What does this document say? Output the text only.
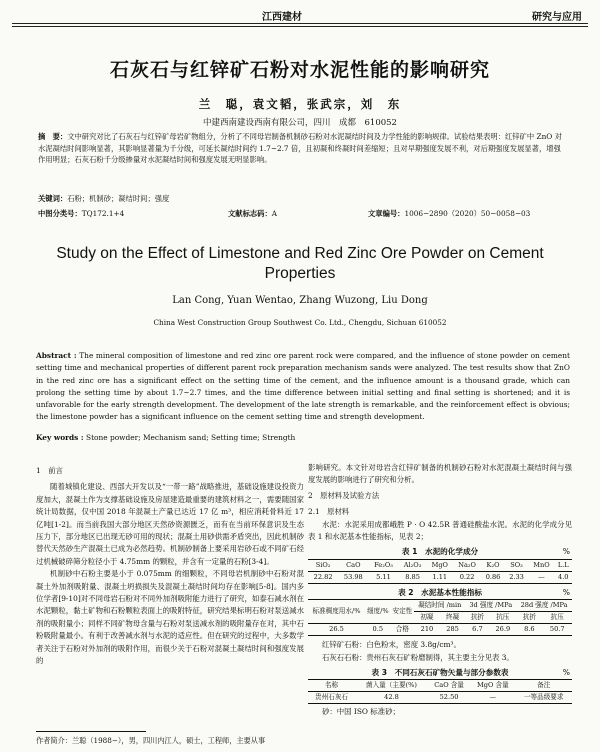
江西建材	研究与应用
石灰石与红锌矿石粉对水泥性能的影响研究
兰　聪，袁文韬，张武宗，刘　东
中建西南建设西南有限公司，四川　成都　610052
摘　要：文中研究对比了石灰石与红锌矿母岩矿物组分，分析了不同母岩制备机制砂石粉对水泥凝结时间及力学性能的影响规律。试验结果表明：红锌矿中 ZnO 对水泥凝结时间影响显著，其影响显著量为千分级，可延长凝结时间约 1.7~2.7 倍，且初凝和终凝时间差缩短；且对早期强度发展不利，对后期强度发展显著，增强作用明显；石灰石粉千分级掺量对水泥凝结时间和强度发展无明显影响。
关键词：石粉；机制砂；凝结时间；强度
中图分类号： TQ172.1+4	文献标志码： A	文章编号： 1006−2890（2020）50−0058−03
Study on the Effect of Limestone and Red Zinc Ore Powder on Cement Properties
Lan Cong, Yuan Wentao, Zhang Wuzong, Liu Dong
China West Construction Group Southwest Co. Ltd., Chengdu, Sichuan 610052
Abstract : The mineral composition of limestone and red zinc ore parent rock were compared, and the influence of stone powder on cement setting time and mechanical properties of different parent rock preparation mechanism sands were analyzed. The test results show that ZnO in the red zinc ore has a significant effect on the setting time of the cement, and the influence amount is a thousand grade, which can prolong the setting time by about 1.7~2.7 times, and the time difference between initial setting and final setting is shortened; and it is unfavorable for the early strength development. The development of the late strength is remarkable, and the reinforcement effect is obvious; the limestone powder has a significant influence on the cement setting time and strength development.
Key words : Stone powder; Mechanism sand; Setting time; Strength
1　前言

随着城镇化建设、西部大开发以及“一带一路”战略推进，基础设施建设投资力度加大，混凝土作为支撑基础设施及房屋建造最重要的建筑材料之一，需要随国家统计局数据，仅中国 2018 年混凝土产量已达近 17 亿 m³，相应消耗骨料近 17 亿吨[1-2]。而当前我国大部分地区天然砂资源匮乏，而有在当前环保意识及生态压力下，部分地区已出现无砂可用的现状；混凝土用砂供需矛盾突出，因此机制砂替代天然砂生产混凝土已成为必然趋势。机制砂制备上要采用岩砂石或不同矿石经过机械破碎筛分粒径小于 4.75mm 的颗粒，并含有一定量的石粉[3-4]。

机制砂中石粉主要是小于 0.075mm 的细颗粒，不同母岩机制砂中石粉对混凝土外加剂吸附量、混凝土坍损损失及混凝土凝结时间均存在影响[5-8]。国内多位学者[9-10]对不同母岩石粉对不同外加剂吸附能力进行了研究，如泰石减水剂在水泥颗粒，黏土矿物和石粉颗粒表面上的吸附特征，研究结果标明石粉对泵送减水剂的吸附量小；同样不同矿物母含量与石粉对泵送减水剂的吸附量存在对，其中石粉吸附量最小。有利于改善减水剂与水泥的适应性。但在研究的过程中，大多数学者关注于石粉对外加剂的吸附作用，而很少关于石粉对混凝土凝结时间和强度发展的

影响研究。本文针对母岩含红锌矿制备的机制砂石粉对水泥混凝土凝结时间与强度发展的影响进行了研究和分析。

2　原材料及试验方法
2.1　原材料

水泥：水泥采用成都峨胜 P · O 42.5R 普通硅酸盐水泥。水泥的化学成分见表 1 和水泥基本性能指标，见表 2；

表 1　水泥的化学成分	%
SiO₂	CaO	Fe₂O₃	Al₂O₃	MgO	Na₂O	K₂O	SO₃	MnO	L.L
22.82	53.98	5.11	8.85	1.11	0.22	0.86	2.33	—	4.0
表 2　水泥基本性能指标	%
标准稠度用水/%	细度/%	安定性	凝结时间 /min		3d 强度 /MPa		28d 强度 /MPa	
			初凝	终凝	抗折	抗压	抗折	抗压
26.5	0.5	合格	210	285	6.7	26.9	8.6	50.7

红锌矿石粉：白色粉末，密度 3.8g/cm³。

石灰石石粉：贵州石灰石矿粉磨制得，其主要主分见表 3。

表 3　不同石灰石矿物矢量与部分参数表	%
名称	菌入量（主要(%)	CaO 含量	MgO 含量	备注
贵州石灰石	42.8	52.50	—	一等品级要求

砂：中国 ISO 标准砂；

作者简介：兰聪（1988−），男，四川内江人，硕士，工程师，主要从事
